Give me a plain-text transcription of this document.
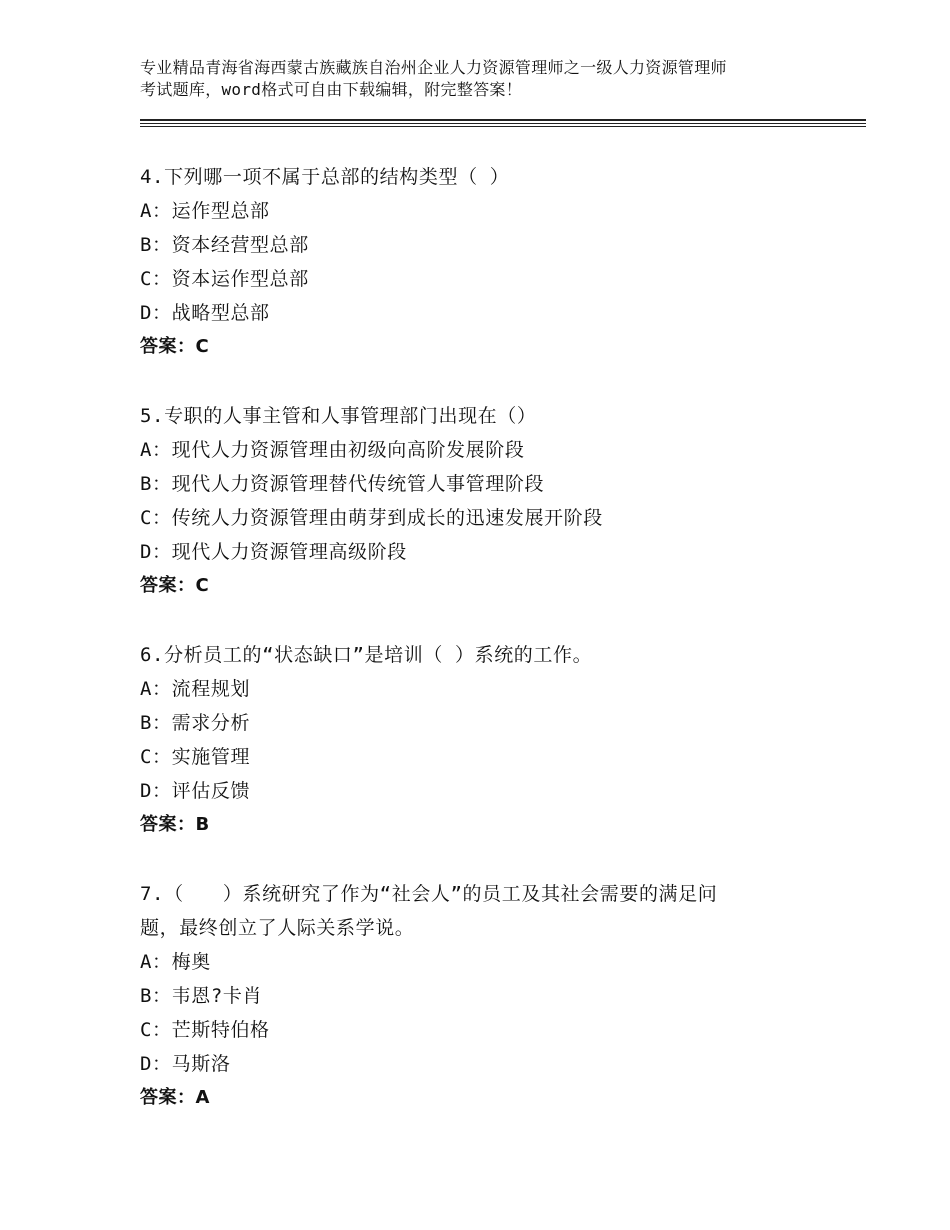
专业精品青海省海西蒙古族藏族自治州企业人力资源管理师之一级人力资源管理师
考试题库，word格式可自由下载编辑，附完整答案！
4.下列哪一项不属于总部的结构类型（ ）
A：运作型总部
B：资本经营型总部
C：资本运作型总部
D：战略型总部
答案：C
5.专职的人事主管和人事管理部门出现在（）
A：现代人力资源管理由初级向高阶发展阶段
B：现代人力资源管理替代传统管人事管理阶段
C：传统人力资源管理由萌芽到成长的迅速发展开阶段
D：现代人力资源管理高级阶段
答案：C
6.分析员工的“状态缺口”是培训（ ）系统的工作。
A：流程规划
B：需求分析
C：实施管理
D：评估反馈
答案：B
7.（　　）系统研究了作为“社会人”的员工及其社会需要的满足问
题，最终创立了人际关系学说。
A：梅奥
B：韦恩?卡肖
C：芒斯特伯格
D：马斯洛
答案：A
